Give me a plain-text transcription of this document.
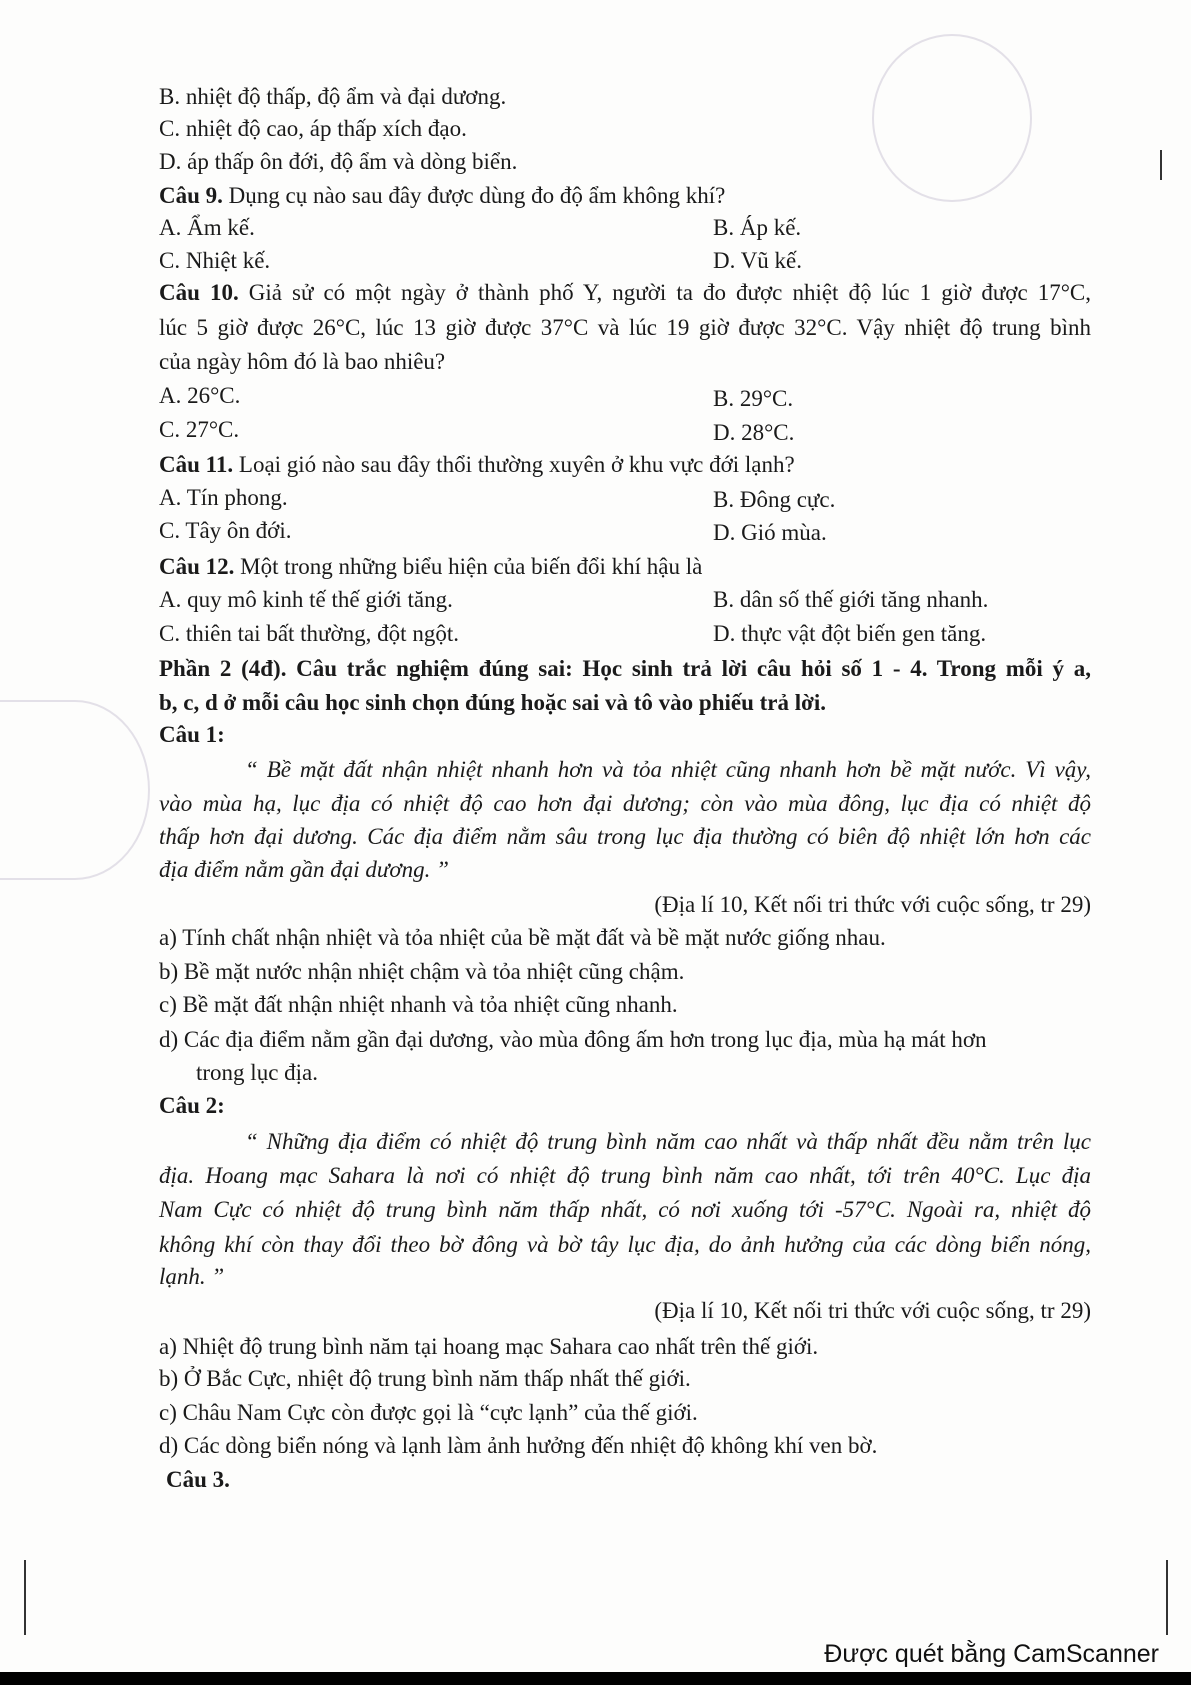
B. nhiệt độ thấp, độ ẩm và đại dương.
C. nhiệt độ cao, áp thấp xích đạo.
D. áp thấp ôn đới, độ ẩm và dòng biển.
Câu 9. Dụng cụ nào sau đây được dùng đo độ ẩm không khí?
A. Ẩm kế.	B. Áp kế.
C. Nhiệt kế.	D. Vũ kế.
Câu 10. Giả sử có một ngày ở thành phố Y, người ta đo được nhiệt độ lúc 1 giờ được 17°C,
lúc 5 giờ được 26°C, lúc 13 giờ được 37°C và lúc 19 giờ được 32°C. Vậy nhiệt độ trung bình
của ngày hôm đó là bao nhiêu?
A. 26°C.	B. 29°C.
C. 27°C.	D. 28°C.
Câu 11. Loại gió nào sau đây thổi thường xuyên ở khu vực đới lạnh?
A. Tín phong.	B. Đông cực.
C. Tây ôn đới.	D. Gió mùa.
Câu 12. Một trong những biểu hiện của biến đổi khí hậu là
A. quy mô kinh tế thế giới tăng.	B. dân số thế giới tăng nhanh.
C. thiên tai bất thường, đột ngột.	D. thực vật đột biến gen tăng.
Phần 2 (4đ). Câu trắc nghiệm đúng sai: Học sinh trả lời câu hỏi số 1 - 4. Trong mỗi ý a,
b, c, d ở mỗi câu học sinh chọn đúng hoặc sai và tô vào phiếu trả lời.
Câu 1:
“ Bề mặt đất nhận nhiệt nhanh hơn và tỏa nhiệt cũng nhanh hơn bề mặt nước. Vì vậy,
vào mùa hạ, lục địa có nhiệt độ cao hơn đại dương; còn vào mùa đông, lục địa có nhiệt độ
thấp hơn đại dương. Các địa điểm nằm sâu trong lục địa thường có biên độ nhiệt lớn hơn các
địa điểm nằm gần đại dương. ”
(Địa lí 10, Kết nối tri thức với cuộc sống, tr 29)
a) Tính chất nhận nhiệt và tỏa nhiệt của bề mặt đất và bề mặt nước giống nhau.
b) Bề mặt nước nhận nhiệt chậm và tỏa nhiệt cũng chậm.
c) Bề mặt đất nhận nhiệt nhanh và tỏa nhiệt cũng nhanh.
d) Các địa điểm nằm gần đại dương, vào mùa đông ấm hơn trong lục địa, mùa hạ mát hơn
trong lục địa.
Câu 2:
“ Những địa điểm có nhiệt độ trung bình năm cao nhất và thấp nhất đều nằm trên lục
địa. Hoang mạc Sahara là nơi có nhiệt độ trung bình năm cao nhất, tới trên 40°C. Lục địa
Nam Cực có nhiệt độ trung bình năm thấp nhất, có nơi xuống tới -57°C. Ngoài ra, nhiệt độ
không khí còn thay đổi theo bờ đông và bờ tây lục địa, do ảnh hưởng của các dòng biển nóng,
lạnh. ”
(Địa lí 10, Kết nối tri thức với cuộc sống, tr 29)
a) Nhiệt độ trung bình năm tại hoang mạc Sahara cao nhất trên thế giới.
b) Ở Bắc Cực, nhiệt độ trung bình năm thấp nhất thế giới.
c) Châu Nam Cực còn được gọi là “cực lạnh” của thế giới.
d) Các dòng biển nóng và lạnh làm ảnh hưởng đến nhiệt độ không khí ven bờ.
Câu 3.
Được quét bằng CamScanner
